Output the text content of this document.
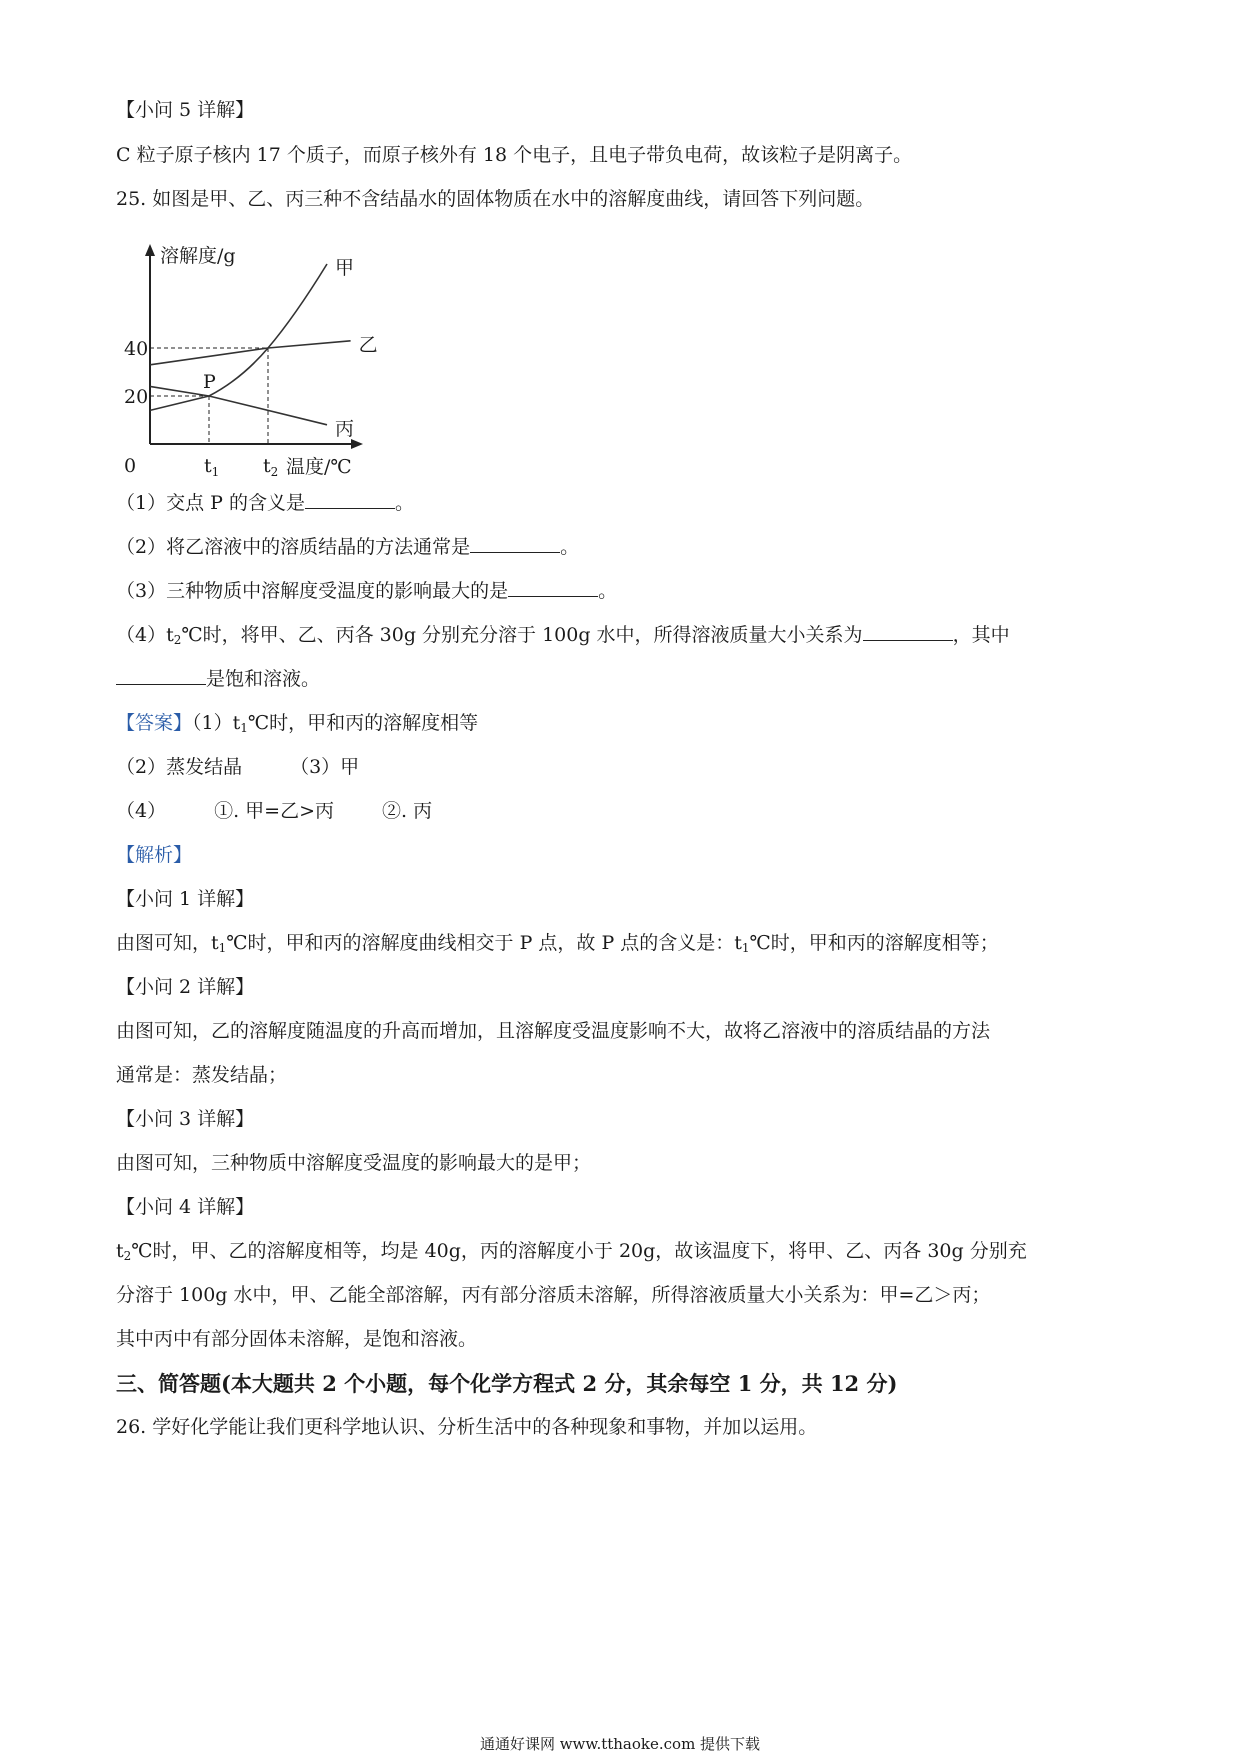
【小问 5 详解】
C 粒子原子核内 17 个质子，而原子核外有 18 个电子，且电子带负电荷，故该粒子是阴离子。
25. 如图是甲、乙、丙三种不含结晶水的固体物质在水中的溶解度曲线，请回答下列问题。
溶解度/g
温度/℃
0
20
40
$t_1$ $t_2$
甲
乙
丙
P
（1）交点 P 的含义是	。
（2）将乙溶液中的溶质结晶的方法通常是	。
（3）三种物质中溶解度受温度的影响最大的是	。
$(4)t_2℃$时，将甲、乙、丙各 30g 分别充分溶于 100g 水中，所得溶液质量大小关系为	，其中
是饱和溶液。
【答案】$(1)t_1℃$时，甲和丙的溶解度相等
（2）蒸发结晶	（3）甲
（4）	①. 甲=乙>丙	②. 丙
【解析】
【小问 1 详解】
由图可知，$t_1℃$时，甲和丙的溶解度曲线相交于 P 点，故 P 点的含义是：$t_1℃$时，甲和丙的溶解度相等；
【小问 2 详解】
由图可知，乙的溶解度随温度的升高而增加，且溶解度受温度影响不大，故将乙溶液中的溶质结晶的方法
通常是：蒸发结晶；
【小问 3 详解】
由图可知，三种物质中溶解度受温度的影响最大的是甲；
【小问 4 详解】
$t_2℃$时，甲、乙的溶解度相等，均是 40g，丙的溶解度小于 20g，故该温度下，将甲、乙、丙各 30g 分别充
分溶于 100g 水中，甲、乙能全部溶解，丙有部分溶质未溶解，所得溶液质量大小关系为：甲=乙＞丙；
其中丙中有部分固体未溶解，是饱和溶液。
三、简答题(本大题共 2 个小题，每个化学方程式 2 分，其余每空 1 分，共 12 分)
26. 学好化学能让我们更科学地认识、分析生活中的各种现象和事物，并加以运用。
通通好课网 www.tthaoke.com 提供下载
